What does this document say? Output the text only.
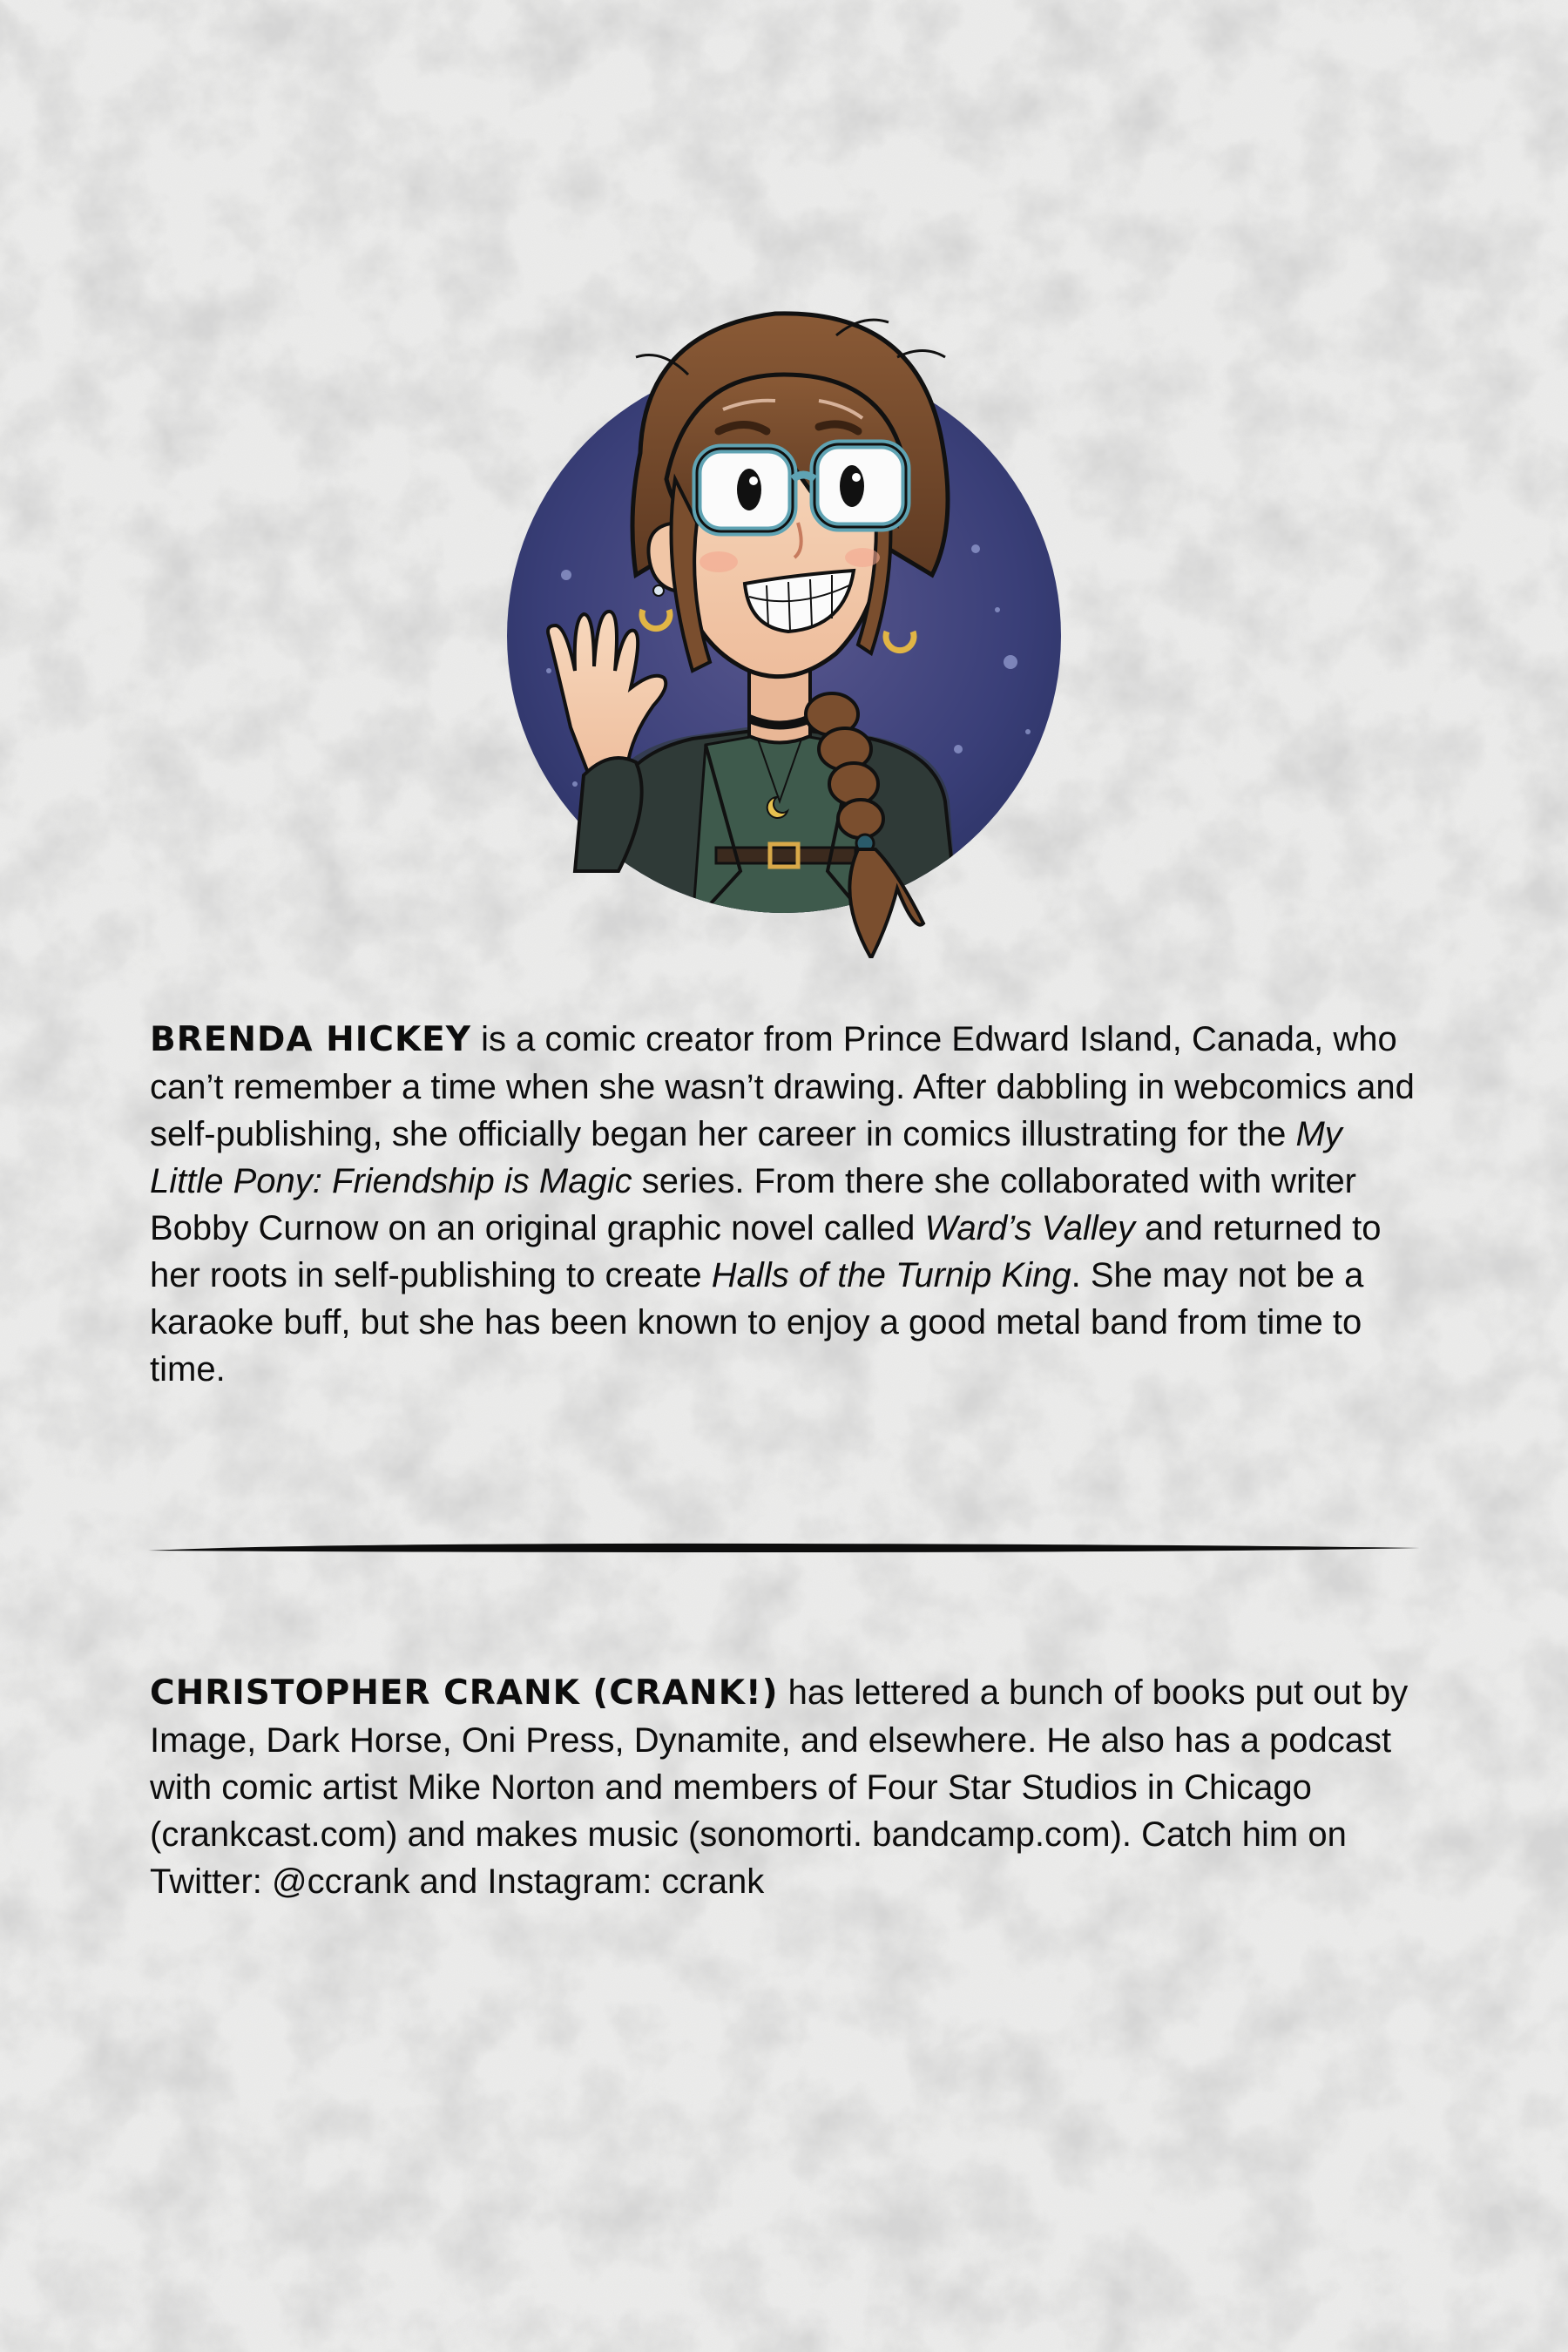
BRENDA HICKEY is a comic creator from Prince Edward Island, Canada, who can’t remember a time when she wasn’t drawing. After dabbling in webcomics and self-publishing, she officially began her career in comics illustrating for the My Little Pony: Friendship is Magic series. From there she collaborated with writer Bobby Curnow on an original graphic novel called Ward’s Valley and returned to her roots in self-publishing to create Halls of the Turnip King. She may not be a karaoke buff, but she has been known to enjoy a good metal band from time to time.

CHRISTOPHER CRANK (CRANK!) has lettered a bunch of books put out by Image, Dark Horse, Oni Press, Dynamite, and elsewhere. He also has a podcast with comic artist Mike Norton and members of Four Star Studios in Chicago (crankcast.com) and makes music (sonomorti. bandcamp.com). Catch him on Twitter: @ccrank and Instagram: ccrank
